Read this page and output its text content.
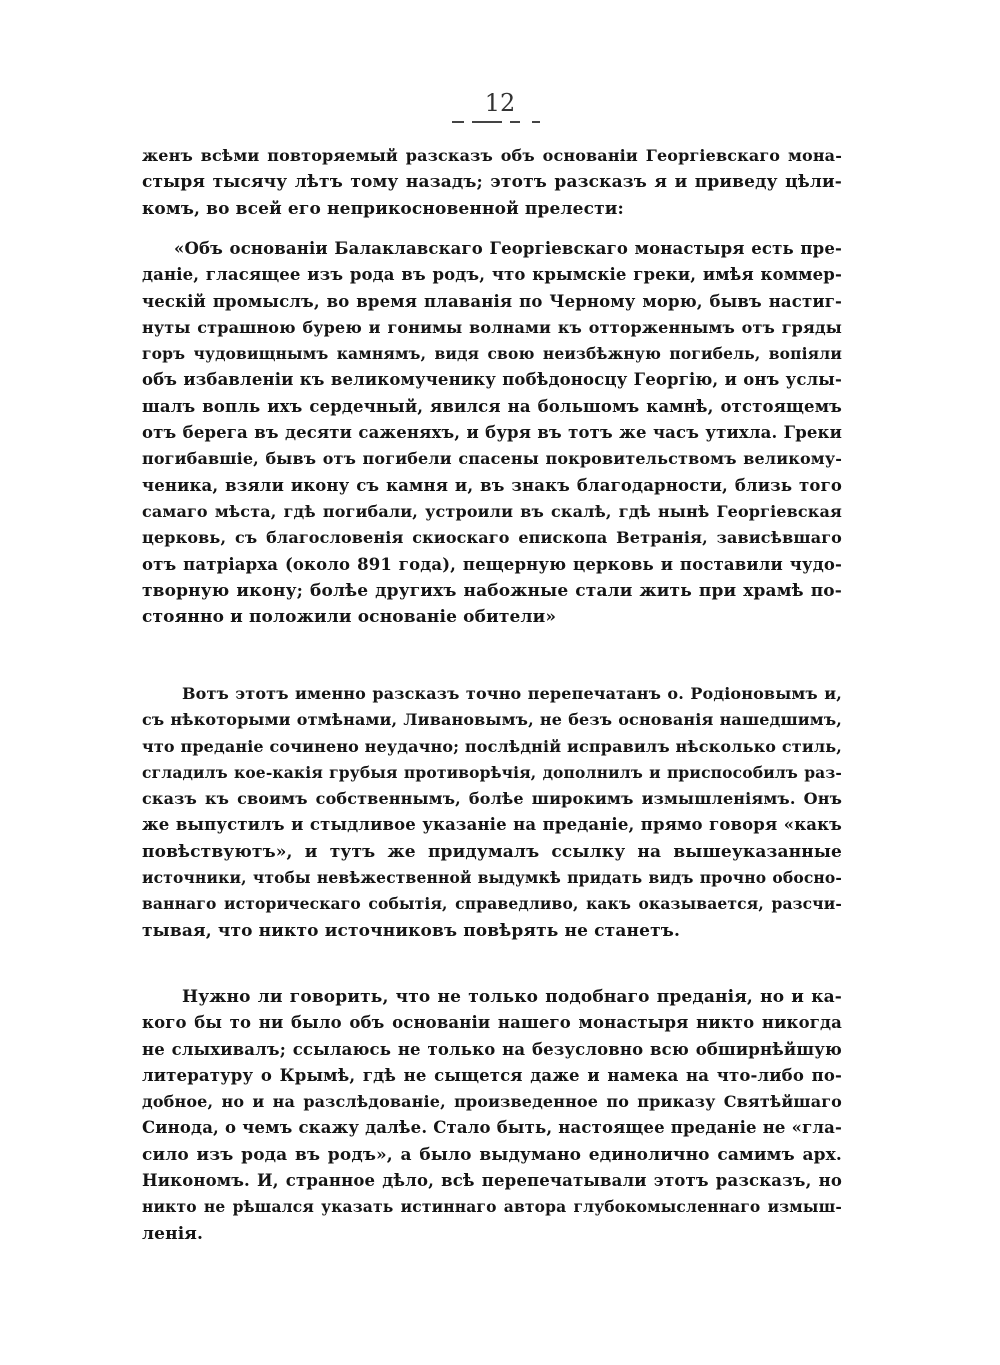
12
женъ всѣми повторяемый разсказъ объ основаніи Георгіевскаго мона-
стыря тысячу лѣтъ тому назадъ; этотъ разсказъ я и приведу цѣли-
комъ, во всей его неприкосновенной прелести:
«Объ основаніи Балаклавскаго Георгіевскаго монастыря есть пре-
даніе, гласящее изъ рода въ родъ, что крымскіе греки, имѣя коммер-
ческій промыслъ, во время плаванія по Черному морю, бывъ настиг-
нуты страшною бурею и гонимы волнами къ отторженнымъ отъ гряды
горъ чудовищнымъ камнямъ, видя свою неизбѣжную погибель, вопіяли
объ избавленіи къ великомученику побѣдоносцу Георгію, и онъ услы-
шалъ вопль ихъ сердечный, явился на большомъ камнѣ, отстоящемъ
отъ берега въ десяти саженяхъ, и буря въ тотъ же часъ утихла. Греки
погибавшіе, бывъ отъ погибели спасены покровительствомъ великому-
ченика, взяли икону съ камня и, въ знакъ благодарности, близь того
самаго мѣста, гдѣ погибали, устроили въ скалѣ, гдѣ нынѣ Георгіевская
церковь, съ благословенія скиоскаго епископа Ветранія, зависѣвшаго
отъ патріарха (около 891 года), пещерную церковь и поставили чудо-
творную икону; болѣе другихъ набожные стали жить при храмѣ по-
стоянно и положили основаніе обители»
Вотъ этотъ именно разсказъ точно перепечатанъ о. Родіоновымъ и,
съ нѣкоторыми отмѣнами, Ливановымъ, не безъ основанія нашедшимъ,
что преданіе сочинено неудачно; послѣдній исправилъ нѣсколько стиль,
сгладилъ кое-какія грубыя противорѣчія, дополнилъ и приспособилъ раз-
сказъ къ своимъ собственнымъ, болѣе широкимъ измышленіямъ. Онъ
же выпустилъ и стыдливое указаніе на преданіе, прямо говоря «какъ
повѣствуютъ», и тутъ же придумалъ ссылку на вышеуказанные
источники, чтобы невѣжественной выдумкѣ придать видъ прочно обосно-
ваннаго историческаго событія, справедливо, какъ оказывается, разсчи-
тывая, что никто источниковъ повѣрять не станетъ.
Нужно ли говорить, что не только подобнаго преданія, но и ка-
кого бы то ни было объ основаніи нашего монастыря никто никогда
не слыхивалъ; ссылаюсь не только на безусловно всю обширнѣйшую
литературу о Крымѣ, гдѣ не сыщется даже и намека на что-либо по-
добное, но и на разслѣдованіе, произведенное по приказу Святѣйшаго
Синода, о чемъ скажу далѣе. Стало быть, настоящее преданіе не «гла-
сило изъ рода въ родъ», а было выдумано единолично самимъ арх.
Никономъ. И, странное дѣло, всѣ перепечатывали этотъ разсказъ, но
никто не рѣшался указать истиннаго автора глубокомысленнаго измыш-
ленія.
